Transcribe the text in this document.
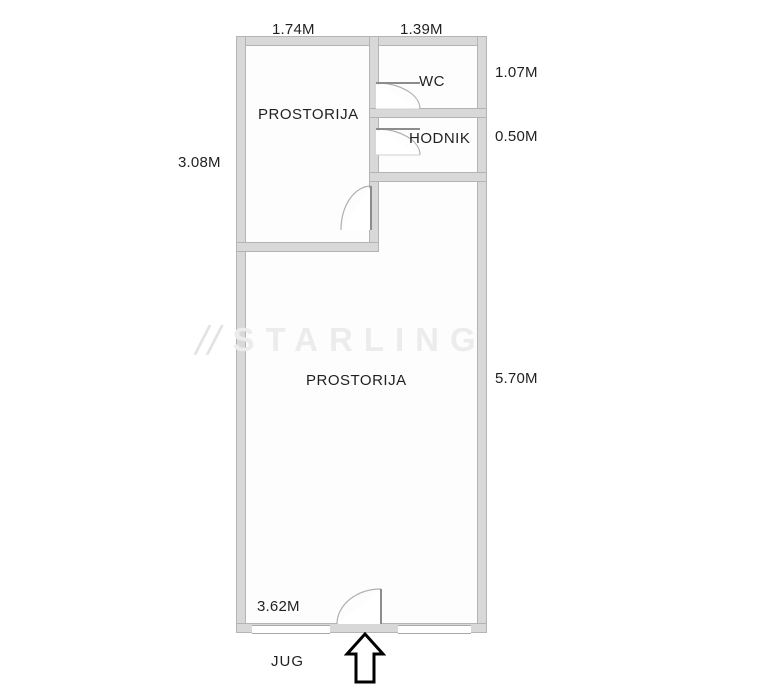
PROSTORIJA
WC
HODNIK
PROSTORIJA
1.74M	1.39M
1.07M
0.50M
3.08M
5.70M
3.62M
// STARLING
JUG
